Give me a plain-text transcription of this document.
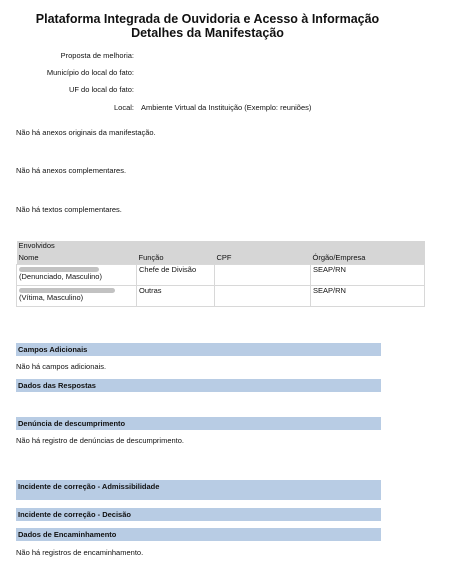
Plataforma Integrada de Ouvidoria e Acesso à Informação
Detalhes da Manifestação
Proposta de melhoria:
Município do local do fato:
UF do local do fato:
Local: Ambiente Virtual da Instituição (Exemplo: reuniões)
Não há anexos originais da manifestação.
Não há anexos complementares.
Não há textos complementares.
Envolvidos			
Nome	Função	CPF	Órgão/Empresa

(Denunciado, Masculino)	Chefe de Divisão		SEAP/RN

(Vítima, Masculino)	Outras		SEAP/RN
Campos Adicionais
Não há campos adicionais.
Dados das Respostas
Denúncia de descumprimento
Não há registro de denúncias de descumprimento.
Incidente de correção - Admissibilidade
Incidente de correção - Decisão
Dados de Encaminhamento
Não há registros de encaminhamento.
